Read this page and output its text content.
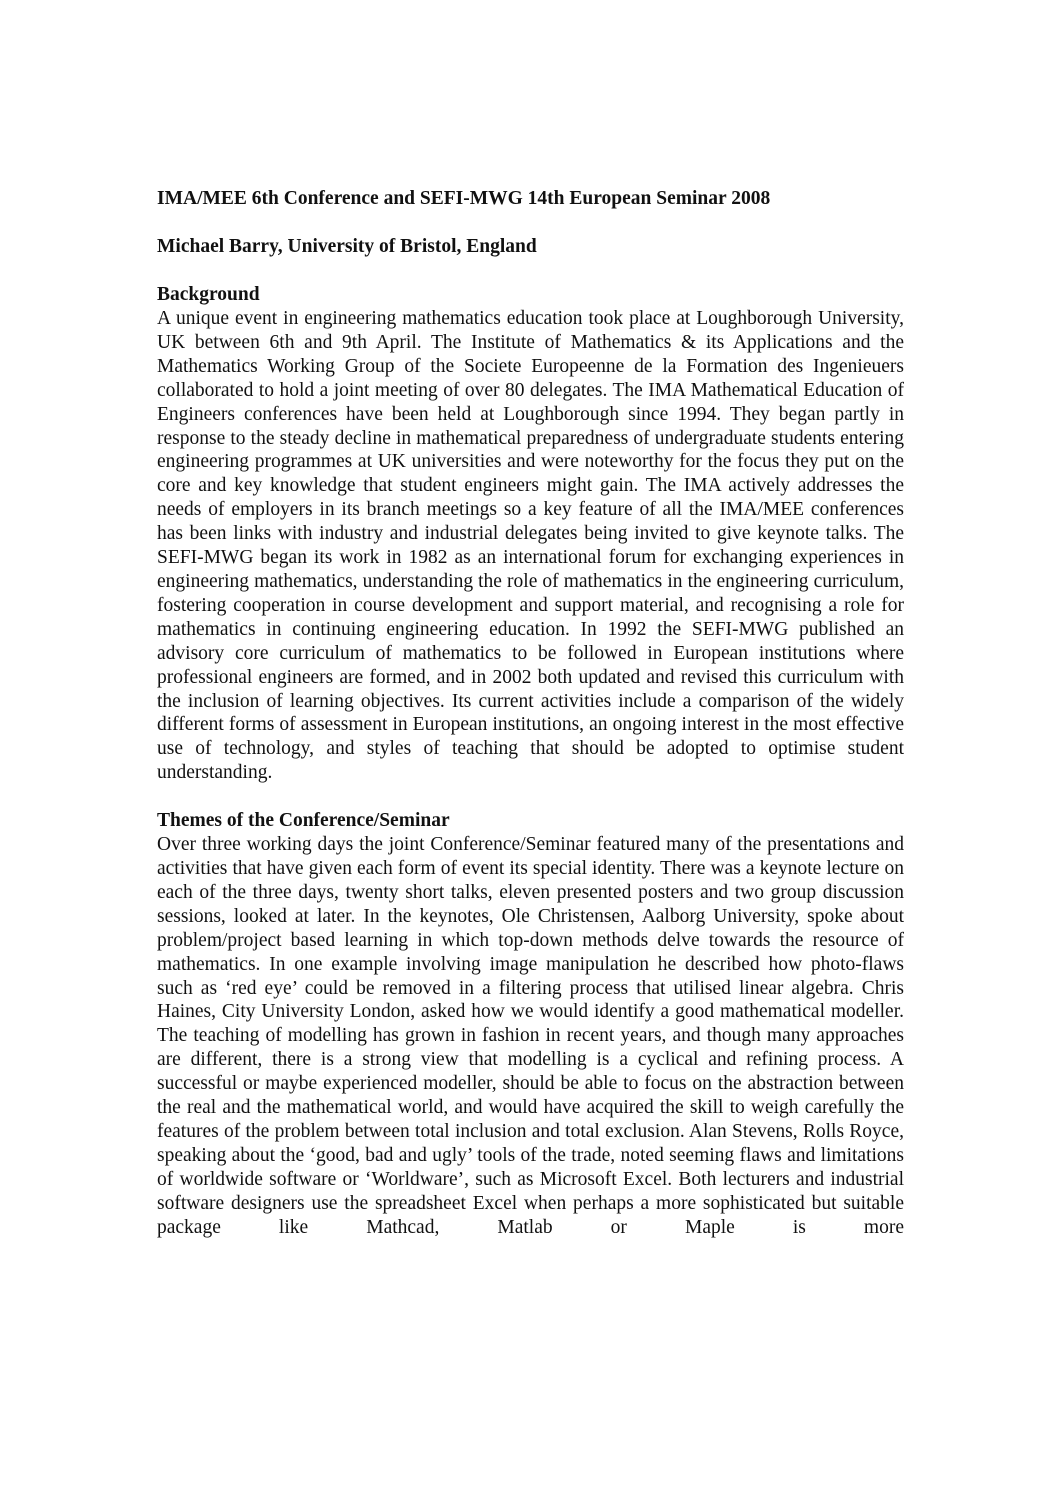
IMA/MEE 6th Conference and SEFI-MWG 14th European Seminar 2008

Michael Barry, University of Bristol, England

Background

A unique event in engineering mathematics education took place at Loughborough University, UK between 6th and 9th April. The Institute of Mathematics & its Applications and the Mathematics Working Group of the Societe Europeenne de la Formation des Ingenieuers collaborated to hold a joint meeting of over 80 delegates. The IMA Mathematical Education of Engineers conferences have been held at Loughborough since 1994. They began partly in response to the steady decline in mathematical preparedness of undergraduate students entering engineering programmes at UK universities and were noteworthy for the focus they put on the core and key knowledge that student engineers might gain. The IMA actively addresses the needs of employers in its branch meetings so a key feature of all the IMA/MEE conferences has been links with industry and industrial delegates being invited to give keynote talks. The SEFI-MWG began its work in 1982 as an international forum for exchanging experiences in engineering mathematics, understanding the role of mathematics in the engineering curriculum, fostering cooperation in course development and support material, and recognising a role for mathematics in continuing engineering education. In 1992 the SEFI-MWG published an advisory core curriculum of mathematics to be followed in European institutions where professional engineers are formed, and in 2002 both updated and revised this curriculum with the inclusion of learning objectives. Its current activities include a comparison of the widely different forms of assessment in European institutions, an ongoing interest in the most effective use of technology, and styles of teaching that should be adopted to optimise student understanding.

Themes of the Conference/Seminar

Over three working days the joint Conference/Seminar featured many of the presentations and activities that have given each form of event its special identity. There was a keynote lecture on each of the three days, twenty short talks, eleven presented posters and two group discussion sessions, looked at later. In the keynotes, Ole Christensen, Aalborg University, spoke about problem/project based learning in which top-down methods delve towards the resource of mathematics. In one example involving image manipulation he described how photo-flaws such as ‘red eye’ could be removed in a filtering process that utilised linear algebra. Chris Haines, City University London, asked how we would identify a good mathematical modeller. The teaching of modelling has grown in fashion in recent years, and though many approaches are different, there is a strong view that modelling is a cyclical and refining process. A successful or maybe experienced modeller, should be able to focus on the abstraction between the real and the mathematical world, and would have acquired the skill to weigh carefully the features of the problem between total inclusion and total exclusion. Alan Stevens, Rolls Royce, speaking about the ‘good, bad and ugly’ tools of the trade, noted seeming flaws and limitations of worldwide software or ‘Worldware’, such as Microsoft Excel. Both lecturers and industrial software designers use the spreadsheet Excel when perhaps a more sophisticated but suitable package like Mathcad, Matlab or Maple is more
